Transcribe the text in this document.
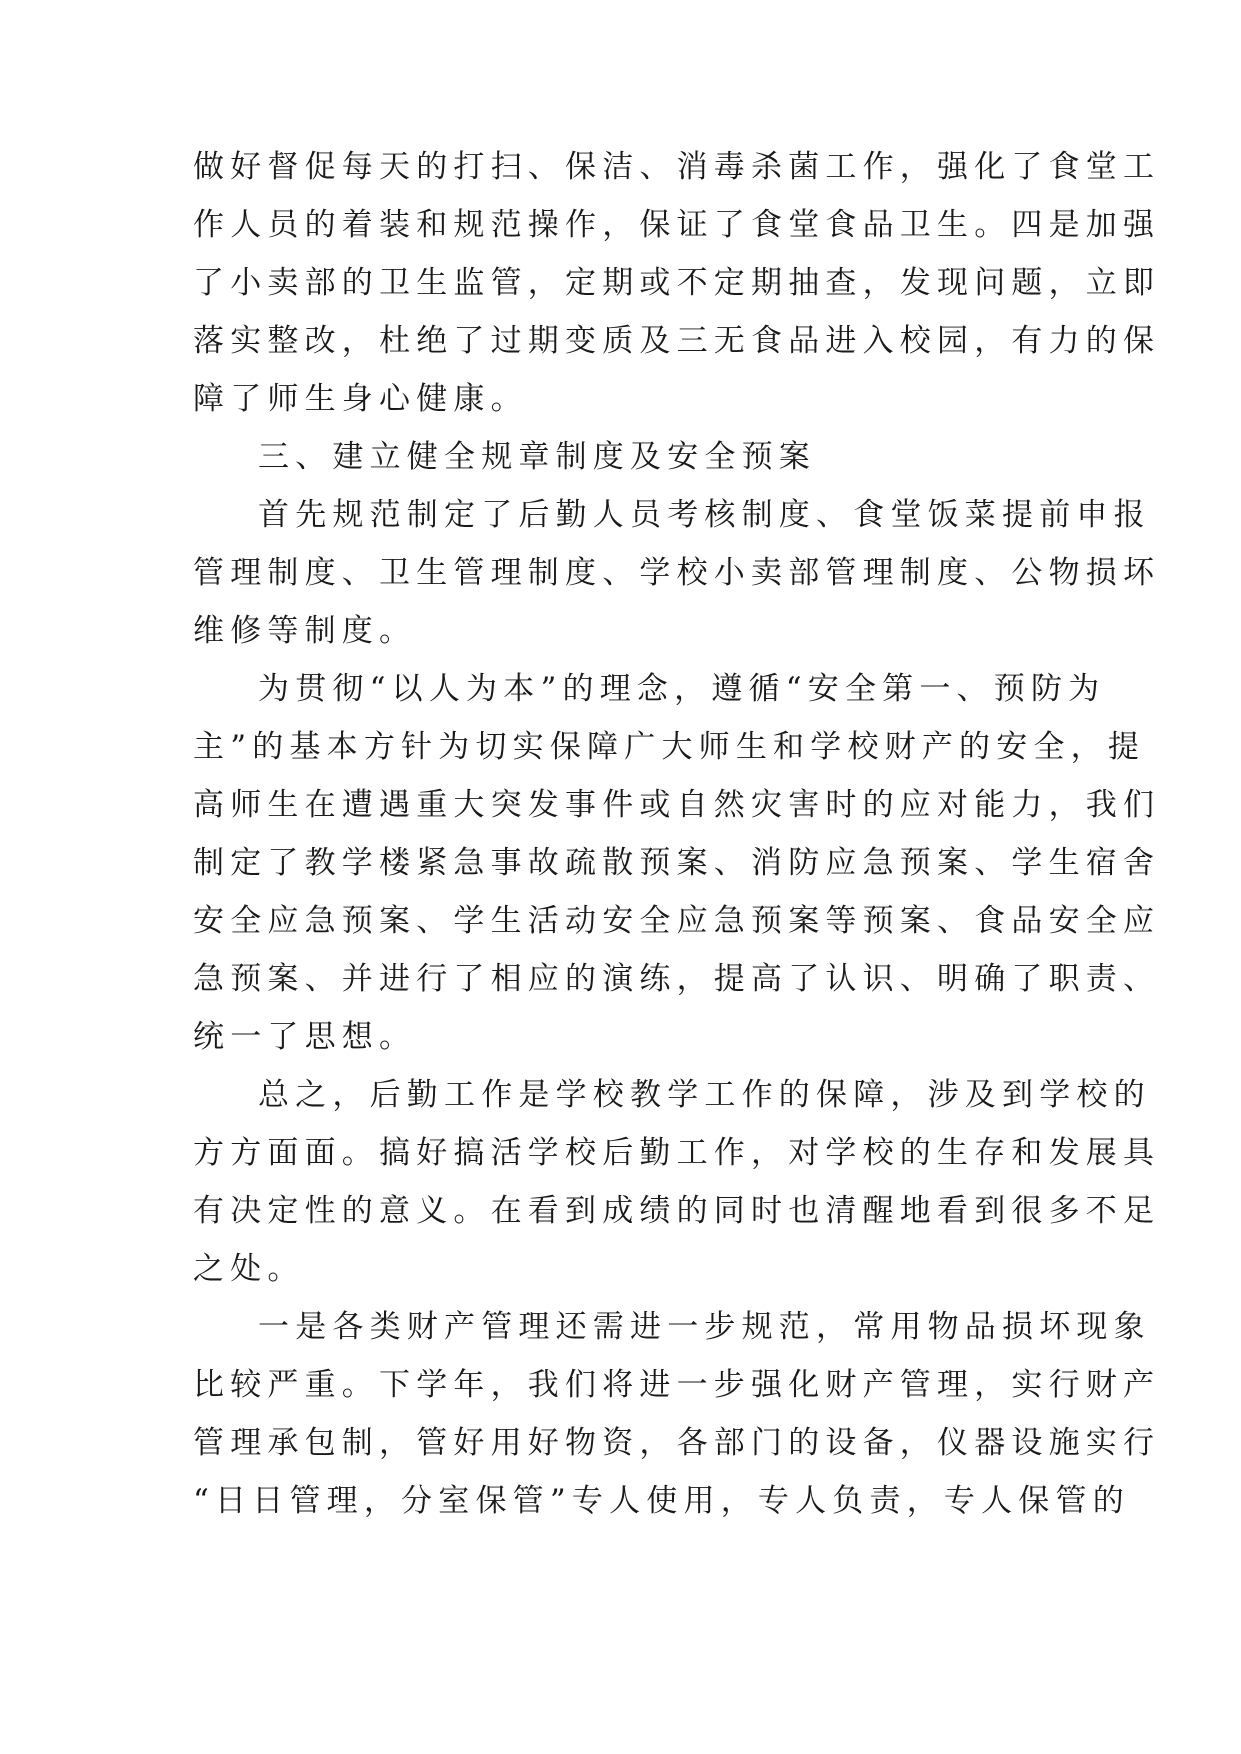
做好督促每天的打扫、保洁、消毒杀菌工作，强化了食堂工
作人员的着装和规范操作，保证了食堂食品卫生。四是加强
了小卖部的卫生监管，定期或不定期抽查，发现问题，立即
落实整改，杜绝了过期变质及三无食品进入校园，有力的保
障了师生身心健康。
三、建立健全规章制度及安全预案
首先规范制定了后勤人员考核制度、食堂饭菜提前申报
管理制度、卫生管理制度、学校小卖部管理制度、公物损坏
维修等制度。
为贯彻“以人为本”的理念，遵循“安全第一、预防为
主”的基本方针为切实保障广大师生和学校财产的安全，提
高师生在遭遇重大突发事件或自然灾害时的应对能力，我们
制定了教学楼紧急事故疏散预案、消防应急预案、学生宿舍
安全应急预案、学生活动安全应急预案等预案、食品安全应
急预案、并进行了相应的演练，提高了认识、明确了职责、
统一了思想。
总之，后勤工作是学校教学工作的保障，涉及到学校的
方方面面。搞好搞活学校后勤工作，对学校的生存和发展具
有决定性的意义。在看到成绩的同时也清醒地看到很多不足
之处。
一是各类财产管理还需进一步规范，常用物品损坏现象
比较严重。下学年，我们将进一步强化财产管理，实行财产
管理承包制，管好用好物资，各部门的设备，仪器设施实行
“日日管理，分室保管”专人使用，专人负责，专人保管的
